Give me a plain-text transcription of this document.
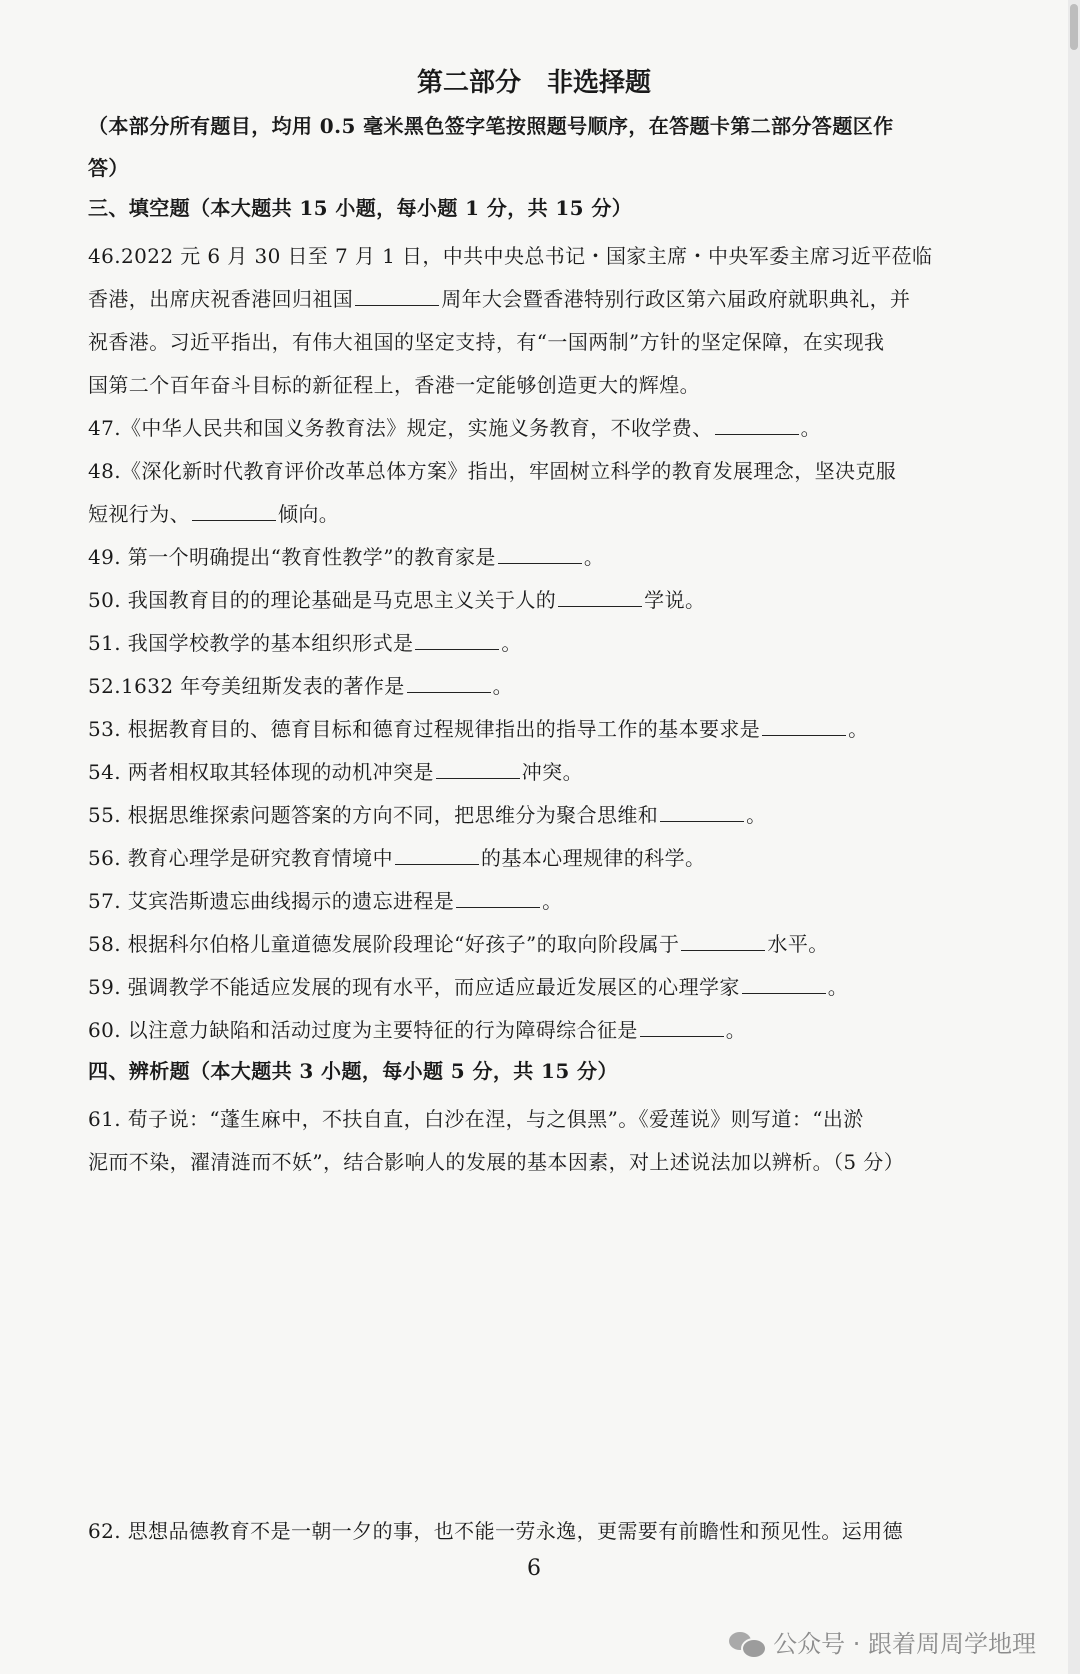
第二部分　非选择题
（本部分所有题目，均用 0.5 毫米黑色签字笔按照题号顺序，在答题卡第二部分答题区作
答）
三、填空题（本大题共 15 小题，每小题 1 分，共 15 分）
46.2022 元 6 月 30 日至 7 月 1 日，中共中央总书记・国家主席・中央军委主席习近平莅临
香港，出席庆祝香港回归祖国	周年大会暨香港特别行政区第六届政府就职典礼，并
祝香港。习近平指出，有伟大祖国的坚定支持，有“一国两制”方针的坚定保障，在实现我
国第二个百年奋斗目标的新征程上，香港一定能够创造更大的辉煌。
47.《中华人民共和国义务教育法》规定，实施义务教育，不收学费、	。
48.《深化新时代教育评价改革总体方案》指出，牢固树立科学的教育发展理念，坚决克服
短视行为、	倾向。
49. 第一个明确提出“教育性教学”的教育家是	。
50. 我国教育目的的理论基础是马克思主义关于人的	学说。
51. 我国学校教学的基本组织形式是	。
52.1632 年夸美纽斯发表的著作是	。
53. 根据教育目的、德育目标和德育过程规律指出的指导工作的基本要求是	。
54. 两者相权取其轻体现的动机冲突是	冲突。
55. 根据思维探索问题答案的方向不同，把思维分为聚合思维和	。
56. 教育心理学是研究教育情境中	的基本心理规律的科学。
57. 艾宾浩斯遗忘曲线揭示的遗忘进程是	。
58. 根据科尔伯格儿童道德发展阶段理论“好孩子”的取向阶段属于	水平。
59. 强调教学不能适应发展的现有水平，而应适应最近发展区的心理学家	。
60. 以注意力缺陷和活动过度为主要特征的行为障碍综合征是	。
四、辨析题（本大题共 3 小题，每小题 5 分，共 15 分）
61. 荀子说：“蓬生麻中，不扶自直，白沙在涅，与之俱黑”。《爱莲说》则写道：“出淤
泥而不染，濯清涟而不妖”，结合影响人的发展的基本因素，对上述说法加以辨析。（5 分）
62. 思想品德教育不是一朝一夕的事，也不能一劳永逸，更需要有前瞻性和预见性。运用德
6
公众号 · 跟着周周学地理
